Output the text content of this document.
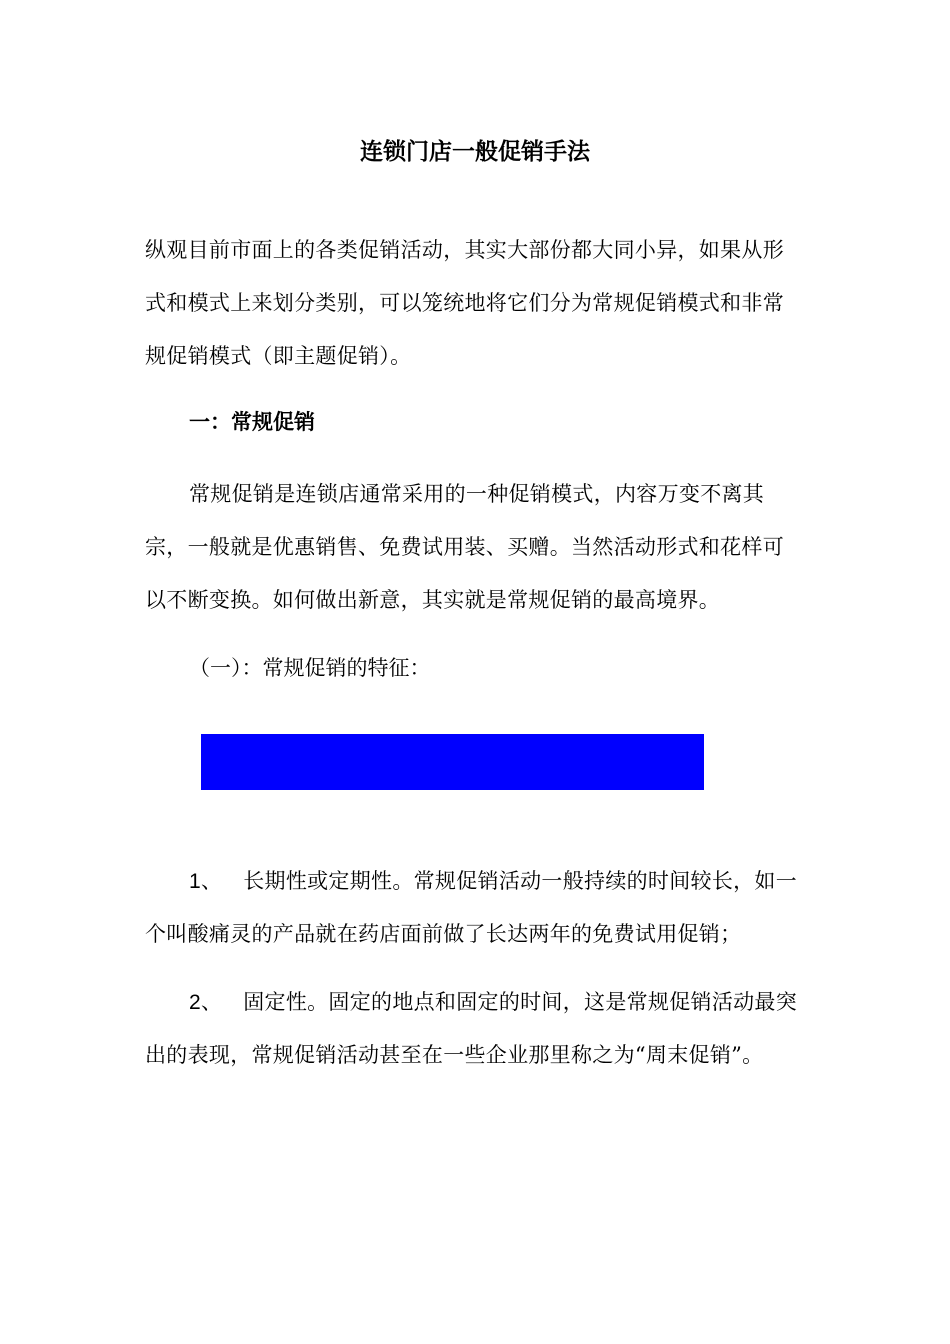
连锁门店一般促销手法

纵观目前市面上的各类促销活动，其实大部份都大同小异，如果从形式和模式上来划分类别，可以笼统地将它们分为常规促销模式和非常规促销模式（即主题促销）。

一：常规促销

常规促销是连锁店通常采用的一种促销模式，内容万变不离其宗，一般就是优惠销售、免费试用装、买赠。当然活动形式和花样可以不断变换。如何做出新意，其实就是常规促销的最高境界。

（一）：常规促销的特征：

1、 长期性或定期性。常规促销活动一般持续的时间较长，如一个叫酸痛灵的产品就在药店面前做了长达两年的免费试用促销；

2、 固定性。固定的地点和固定的时间，这是常规促销活动最突出的表现，常规促销活动甚至在一些企业那里称之为“周末促销”。
